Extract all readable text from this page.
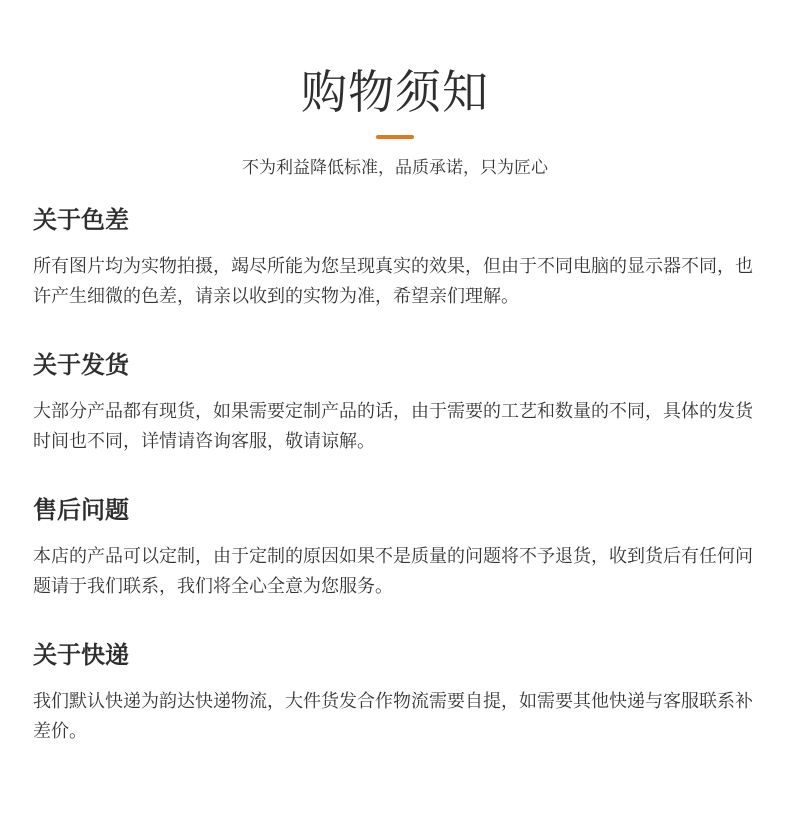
购物须知
不为利益降低标准，品质承诺，只为匠心
关于色差
所有图片均为实物拍摄，竭尽所能为您呈现真实的效果，但由于不同电脑的显示器不同，也许产生细微的色差，请亲以收到的实物为准，希望亲们理解。
关于发货
大部分产品都有现货，如果需要定制产品的话，由于需要的工艺和数量的不同，具体的发货时间也不同，详情请咨询客服，敬请谅解。
售后问题
本店的产品可以定制，由于定制的原因如果不是质量的问题将不予退货，收到货后有任何问题请于我们联系，我们将全心全意为您服务。
关于快递
我们默认快递为韵达快递物流，大件货发合作物流需要自提，如需要其他快递与客服联系补差价。
